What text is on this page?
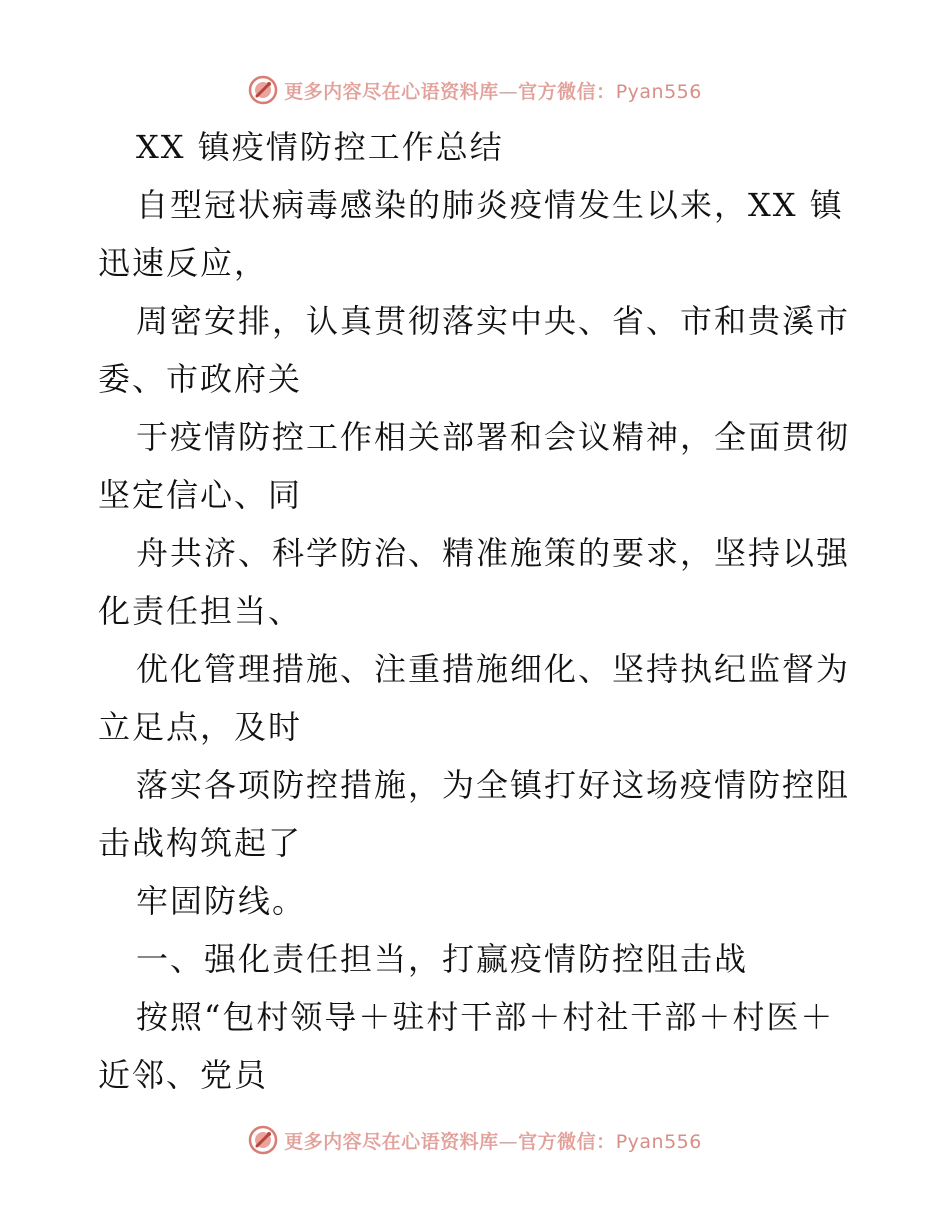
更多内容尽在心语资料库—官方微信：Pyan556
XX 镇疫情防控工作总结
自型冠状病毒感染的肺炎疫情发生以来，XX 镇
迅速反应，
周密安排，认真贯彻落实中央、省、市和贵溪市
委、市政府关
于疫情防控工作相关部署和会议精神，全面贯彻
坚定信心、同
舟共济、科学防治、精准施策的要求，坚持以强
化责任担当、
优化管理措施、注重措施细化、坚持执纪监督为
立足点，及时
落实各项防控措施，为全镇打好这场疫情防控阻
击战构筑起了
牢固防线。
一、强化责任担当，打赢疫情防控阻击战
按照“包村领导＋驻村干部＋村社干部＋村医＋
近邻、党员
更多内容尽在心语资料库—官方微信：Pyan556
